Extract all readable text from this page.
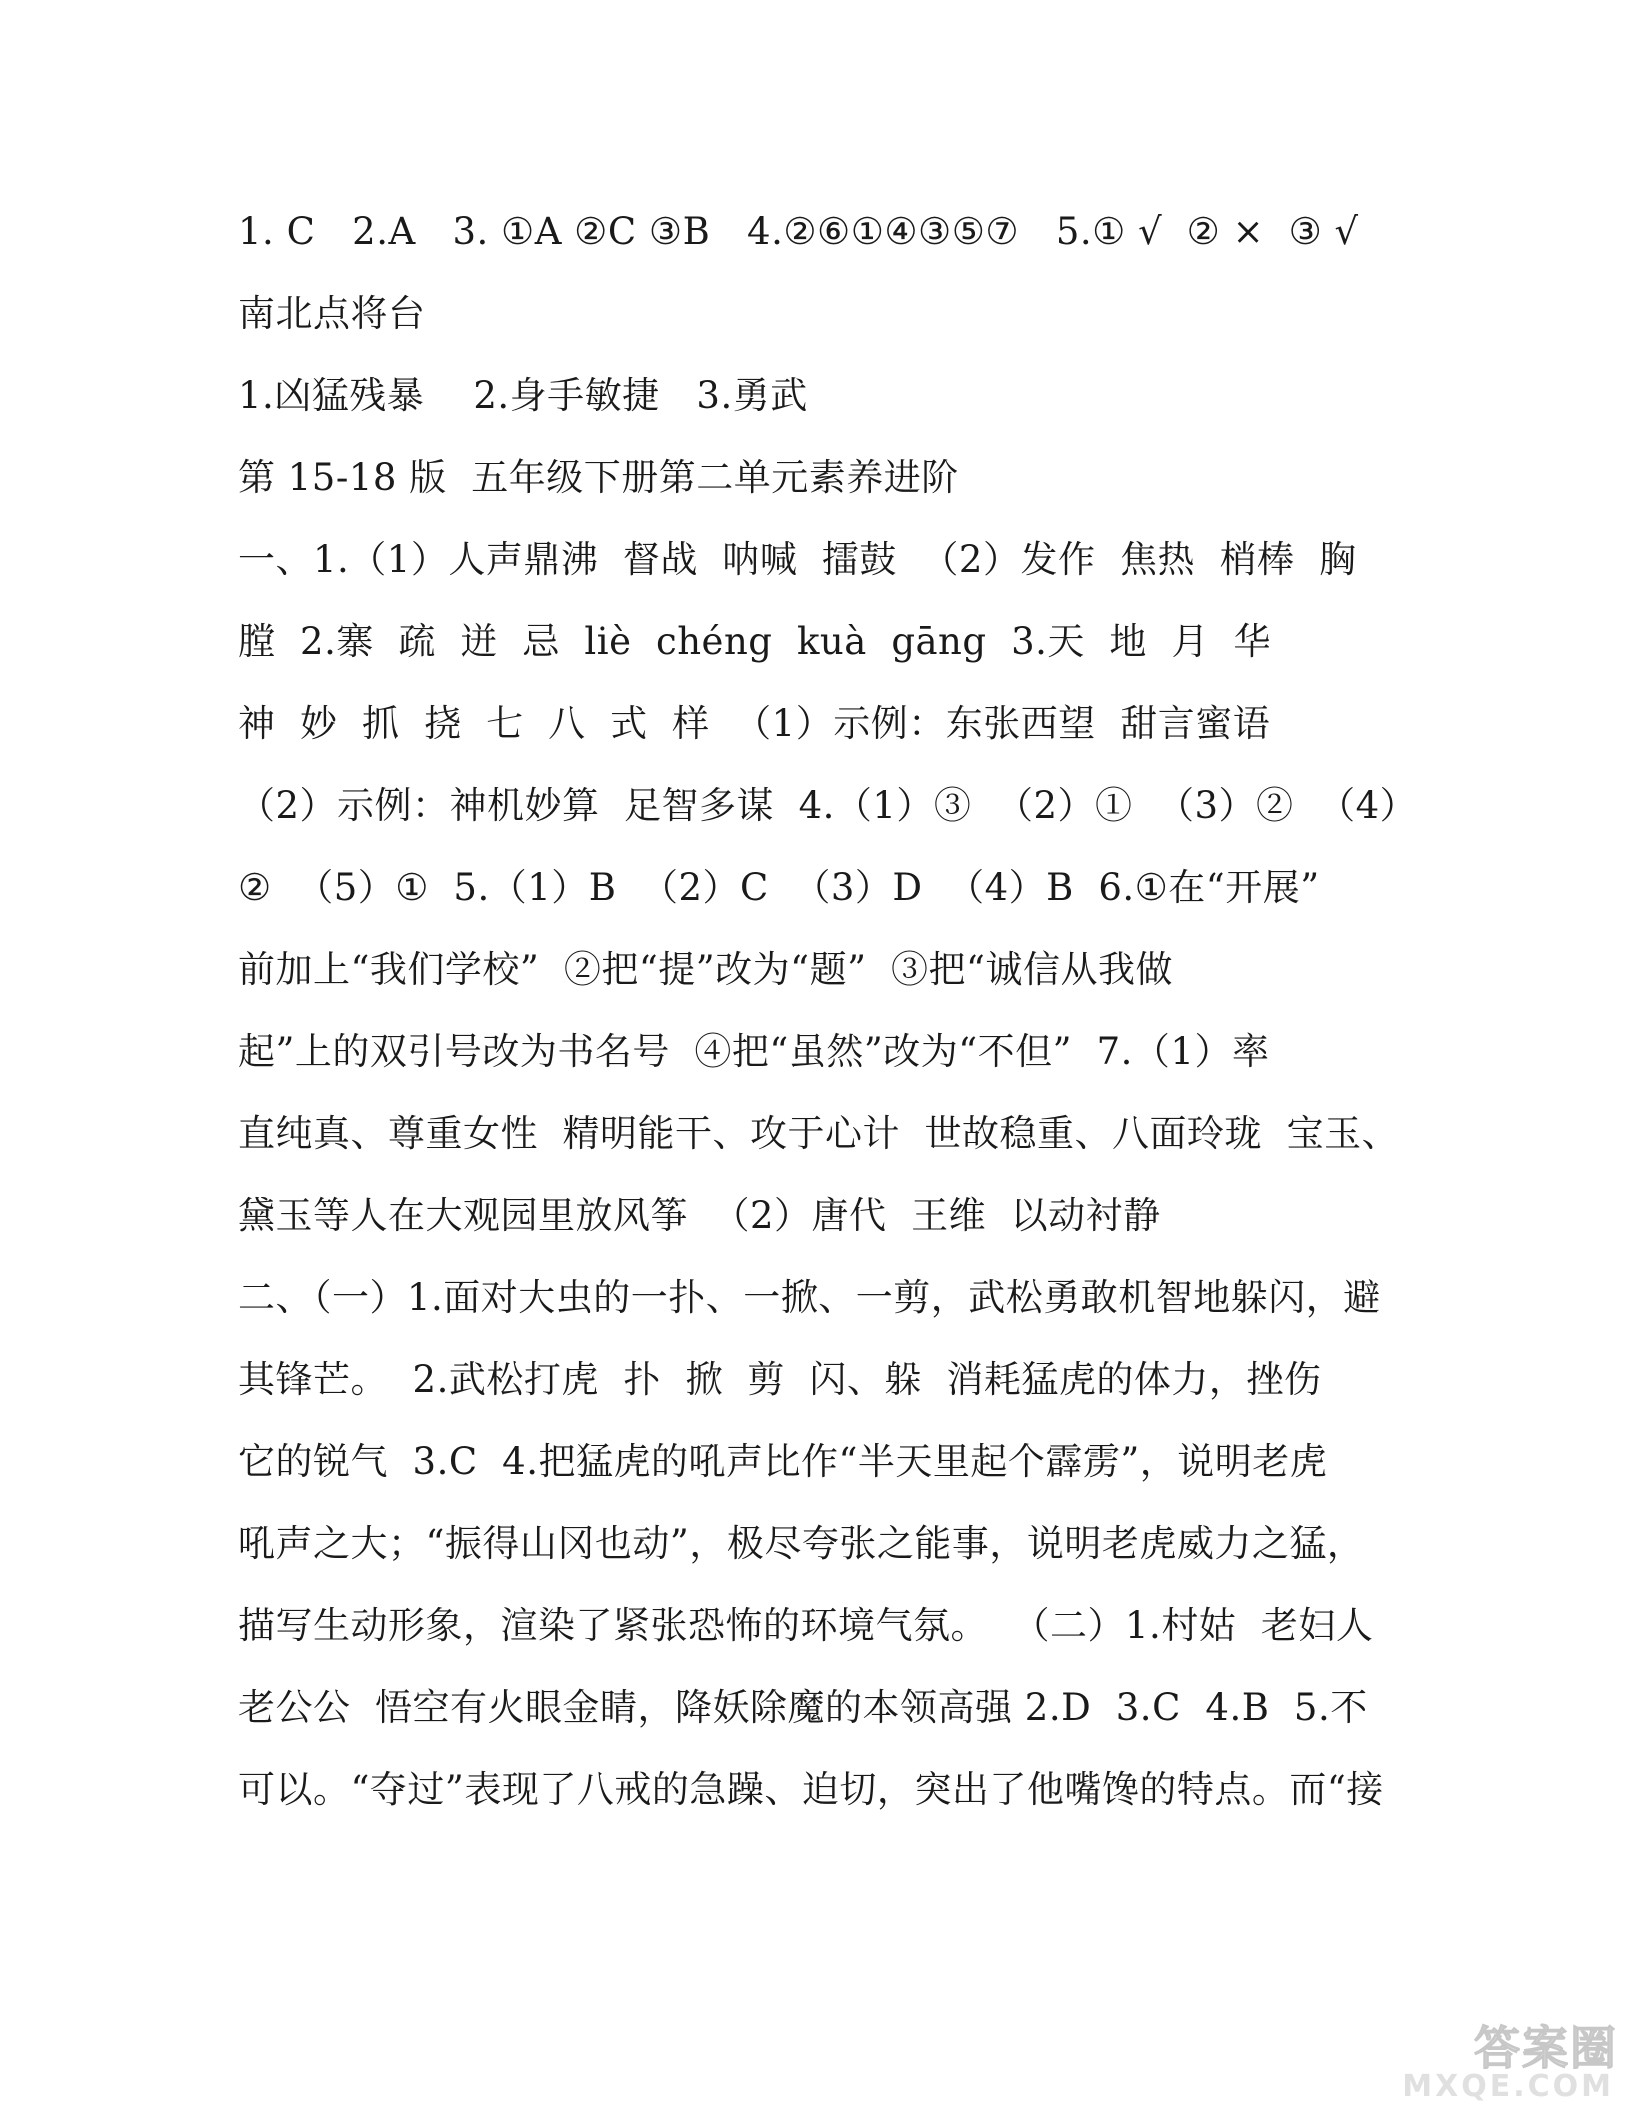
1. C   2.A   3. ①A ②C ③B   4.②⑥①④③⑤⑦   5.① √  ② ×  ③ √
南北点将台
1.凶猛残暴    2.身手敏捷   3.勇武
第 15-18 版  五年级下册第二单元素养进阶
一、1.（1）人声鼎沸  督战  呐喊  擂鼓  （2）发作  焦热  梢棒  胸
膛  2.寨  疏  迸  忌  liè  chéng  kuà  gāng  3.天  地  月  华
神  妙  抓  挠  七  八  式  样  （1）示例：东张西望  甜言蜜语
（2）示例：神机妙算  足智多谋  4.（1）③  （2）①  （3）②  （4）
②  （5）①  5.（1）B  （2）C  （3）D  （4）B  6.①在“开展”
前加上“我们学校”  ②把“提”改为“题”  ③把“诚信从我做
起”上的双引号改为书名号  ④把“虽然”改为“不但”  7.（1）率
直纯真、尊重女性  精明能干、攻于心计  世故稳重、八面玲珑  宝玉、
黛玉等人在大观园里放风筝  （2）唐代  王维  以动衬静
二、（一）1.面对大虫的一扑、一掀、一剪，武松勇敢机智地躲闪，避
其锋芒。  2.武松打虎  扑  掀  剪  闪、躲  消耗猛虎的体力，挫伤
它的锐气  3.C  4.把猛虎的吼声比作“半天里起个霹雳”，说明老虎
吼声之大；“振得山冈也动”，极尽夸张之能事，说明老虎威力之猛，
描写生动形象，渲染了紧张恐怖的环境气氛。  （二）1.村姑  老妇人
老公公  悟空有火眼金睛，降妖除魔的本领高强 2.D  3.C  4.B  5.不
可以。“夺过”表现了八戒的急躁、迫切，突出了他嘴馋的特点。而“接
答案圈
MXQE.COM
